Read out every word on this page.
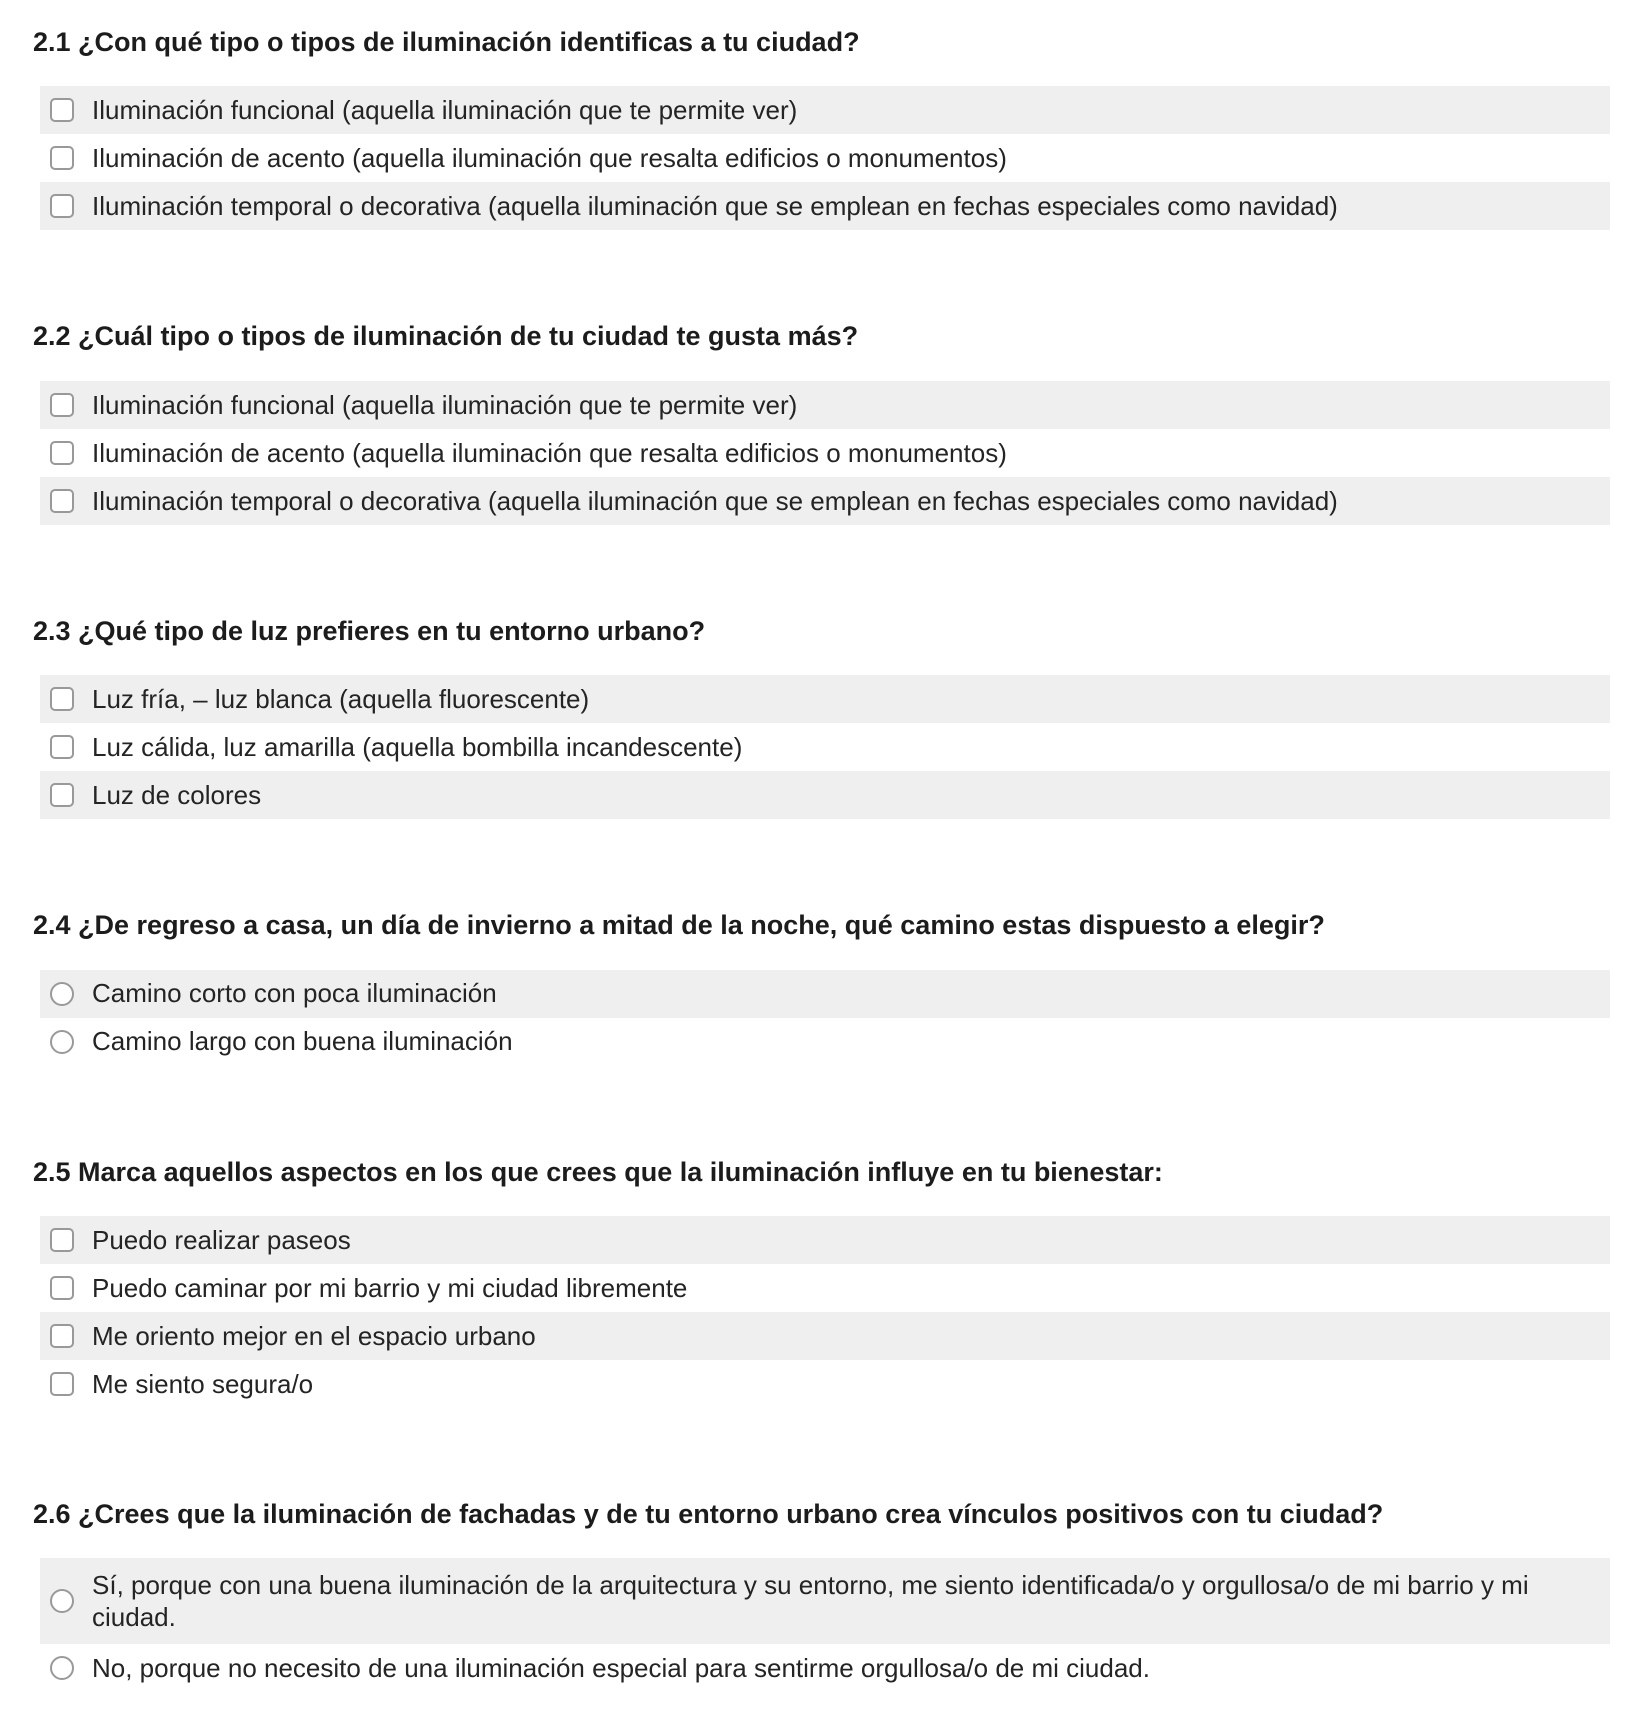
2.1 ¿Con qué tipo o tipos de iluminación identificas a tu ciudad?
Iluminación funcional (aquella iluminación que te permite ver)
Iluminación de acento (aquella iluminación que resalta edificios o monumentos)
Iluminación temporal o decorativa (aquella iluminación que se emplean en fechas especiales como navidad)
2.2 ¿Cuál tipo o tipos de iluminación de tu ciudad te gusta más?
Iluminación funcional (aquella iluminación que te permite ver)
Iluminación de acento (aquella iluminación que resalta edificios o monumentos)
Iluminación temporal o decorativa (aquella iluminación que se emplean en fechas especiales como navidad)
2.3 ¿Qué tipo de luz prefieres en tu entorno urbano?
Luz fría, – luz blanca (aquella fluorescente)
Luz cálida, luz amarilla (aquella bombilla incandescente)
Luz de colores
2.4 ¿De regreso a casa, un día de invierno a mitad de la noche, qué camino estas dispuesto a elegir?
Camino corto con poca iluminación
Camino largo con buena iluminación
2.5 Marca aquellos aspectos en los que crees que la iluminación influye en tu bienestar:
Puedo realizar paseos
Puedo caminar por mi barrio y mi ciudad libremente
Me oriento mejor en el espacio urbano
Me siento segura/o
2.6 ¿Crees que la iluminación de fachadas y de tu entorno urbano crea vínculos positivos con tu ciudad?
Sí, porque con una buena iluminación de la arquitectura y su entorno, me siento identificada/o y orgullosa/o de mi barrio y mi
ciudad.
No, porque no necesito de una iluminación especial para sentirme orgullosa/o de mi ciudad.
